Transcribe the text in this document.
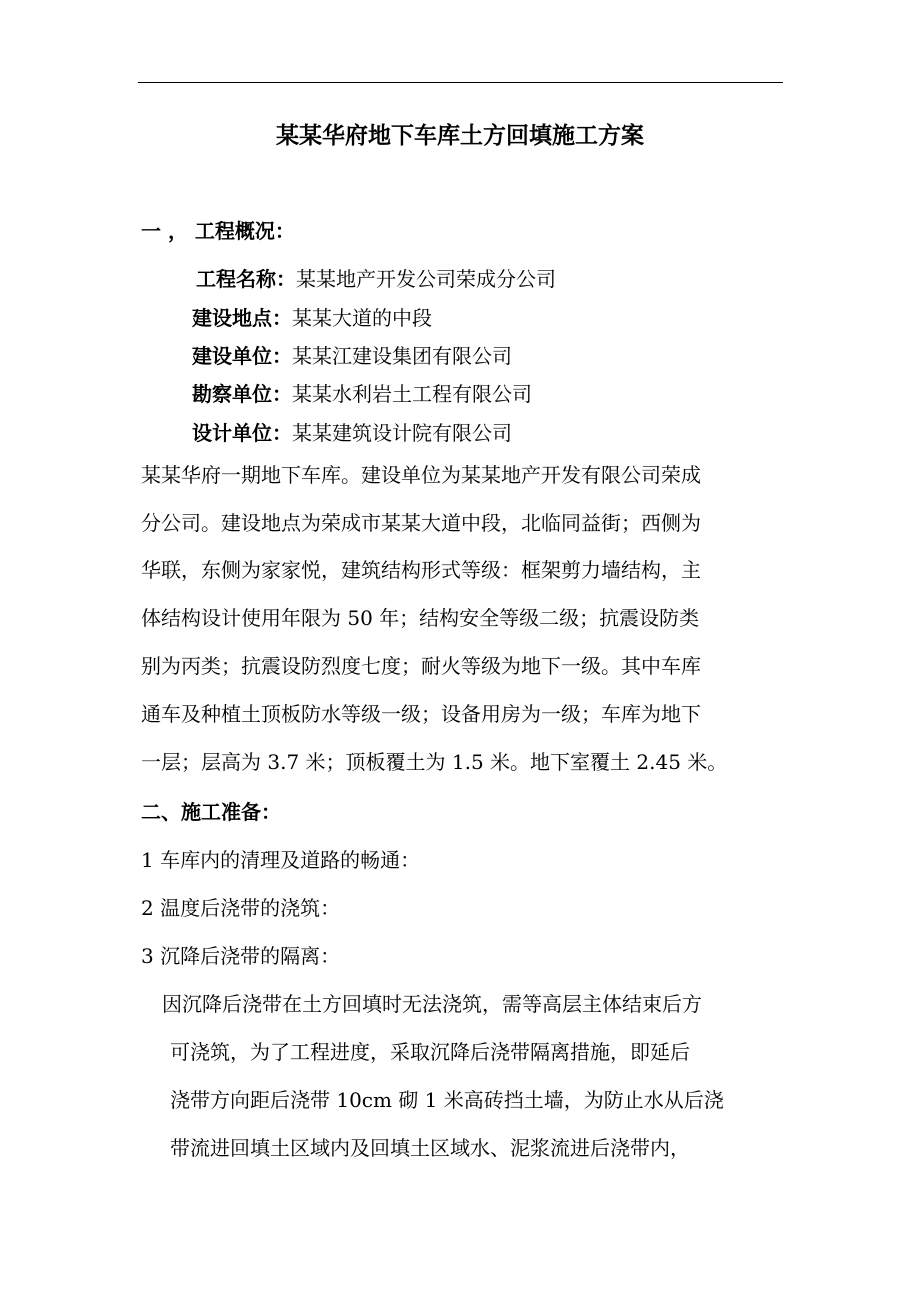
某某华府地下车库土方回填施工方案
一 ， 工程概况：
工程名称：某某地产开发公司荣成分公司
建设地点：某某大道的中段
建设单位：某某江建设集团有限公司
勘察单位：某某水利岩土工程有限公司
设计单位：某某建筑设计院有限公司
某某华府一期地下车库。建设单位为某某地产开发有限公司荣成
分公司。建设地点为荣成市某某大道中段，北临同益街；西侧为
华联，东侧为家家悦，建筑结构形式等级：框架剪力墙结构，主
体结构设计使用年限为 50 年；结构安全等级二级；抗震设防类
别为丙类；抗震设防烈度七度；耐火等级为地下一级。其中车库
通车及种植土顶板防水等级一级；设备用房为一级；车库为地下
一层；层高为 3.7 米；顶板覆土为 1.5 米。地下室覆土 2.45 米。
二、施工准备：
1 车库内的清理及道路的畅通：
2 温度后浇带的浇筑：
3 沉降后浇带的隔离：
因沉降后浇带在土方回填时无法浇筑，需等高层主体结束后方
可浇筑，为了工程进度，采取沉降后浇带隔离措施，即延后
浇带方向距后浇带 10cm 砌 1 米高砖挡土墙，为防止水从后浇
带流进回填土区域内及回填土区域水、泥浆流进后浇带内，
